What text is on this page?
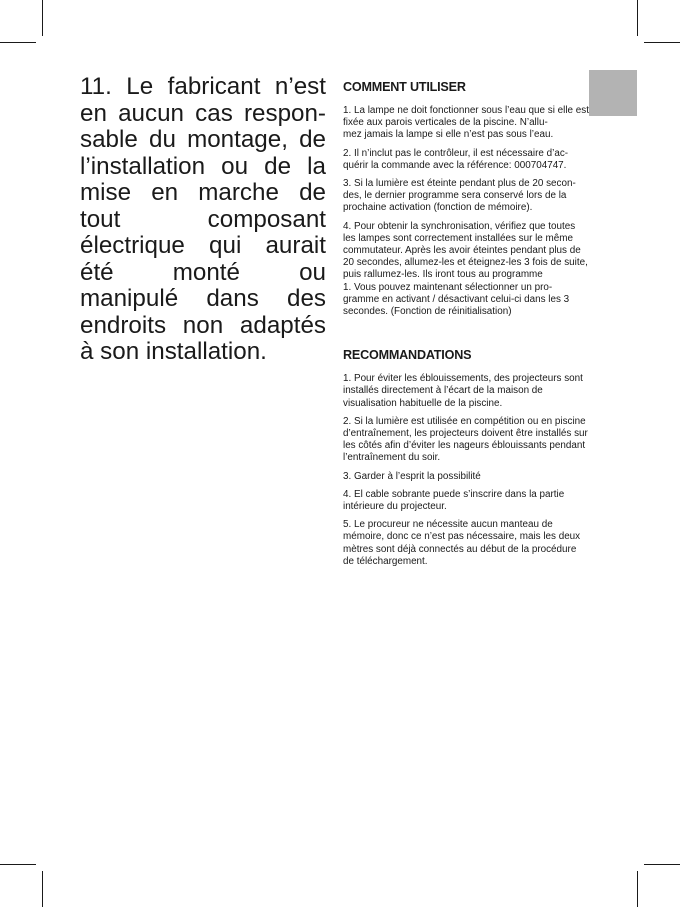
11. Le fabricant n’est en aucun cas respon- sable du montage, de l’installation ou de la mise en marche de tout composant électrique qui aurait été monté ou manipulé dans des endroits non adaptés à son installation.

COMMENT UTILISER

1. La lampe ne doit fonctionner sous l’eau que si elle est fixée aux parois verticales de la piscine. N’allu-
mez jamais la lampe si elle n’est pas sous l’eau.

2. Il n’inclut pas le contrôleur, il est nécessaire d’ac-
quérir la commande avec la référence: 000704747.

3. Si la lumière est éteinte pendant plus de 20 secon-
des, le dernier programme sera conservé lors de la prochaine activation (fonction de mémoire).

4. Pour obtenir la synchronisation, vérifiez que toutes les lampes sont correctement installées sur le même commutateur. Après les avoir éteintes pendant plus de 20 secondes, allumez-les et éteignez-les 3 fois de suite, puis rallumez-les. Ils iront tous au programme
1. Vous pouvez maintenant sélectionner un pro-
gramme en activant / désactivant celui-ci dans les 3 secondes. (Fonction de réinitialisation)

RECOMMANDATIONS

1. Pour éviter les éblouissements, des projecteurs sont installés directement à l’écart de la maison de visualisation habituelle de la piscine.

2. Si la lumière est utilisée en compétition ou en piscine d’entraînement, les projecteurs doivent être installés sur les côtés afin d’éviter les nageurs éblouissants pendant l’entraînement du soir.

3. Garder à l’esprit la possibilité

4. El cable sobrante puede s’inscrire dans la partie intérieure du projecteur.

5. Le procureur ne nécessite aucun manteau de mémoire, donc ce n’est pas nécessaire, mais les deux mètres sont déjà connectés au début de la procédure de téléchargement.
